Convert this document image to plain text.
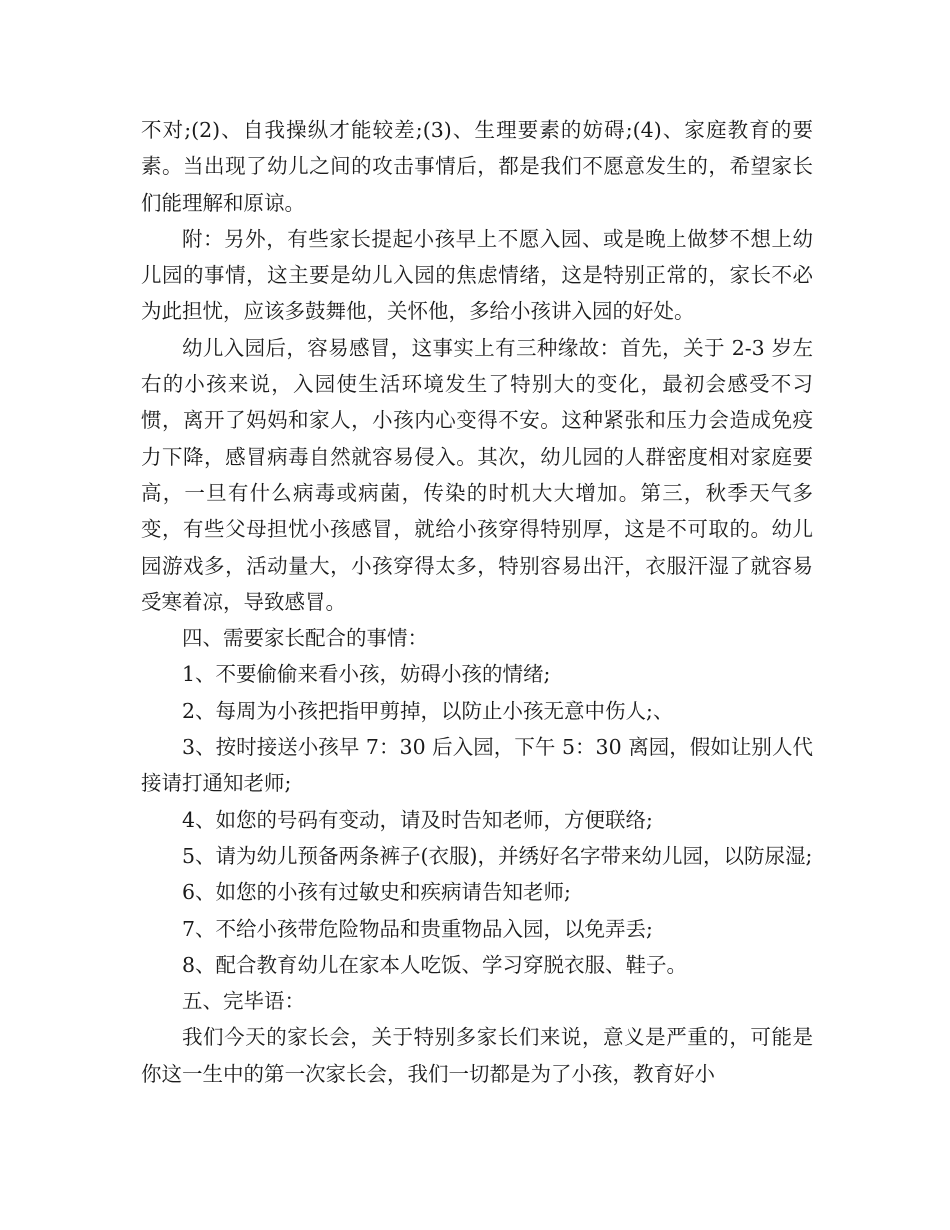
不对;(2)、自我操纵才能较差;(3)、生理要素的妨碍;(4)、家庭教育的要素。当出现了幼儿之间的攻击事情后，都是我们不愿意发生的，希望家长们能理解和原谅。

附：另外，有些家长提起小孩早上不愿入园、或是晚上做梦不想上幼儿园的事情，这主要是幼儿入园的焦虑情绪，这是特别正常的，家长不必为此担忧，应该多鼓舞他，关怀他，多给小孩讲入园的好处。

幼儿入园后，容易感冒，这事实上有三种缘故：首先，关于 2-3 岁左右的小孩来说，入园使生活环境发生了特别大的变化，最初会感受不习惯，离开了妈妈和家人，小孩内心变得不安。这种紧张和压力会造成免疫力下降，感冒病毒自然就容易侵入。其次，幼儿园的人群密度相对家庭要高，一旦有什么病毒或病菌，传染的时机大大增加。第三，秋季天气多变，有些父母担忧小孩感冒，就给小孩穿得特别厚，这是不可取的。幼儿园游戏多，活动量大，小孩穿得太多，特别容易出汗，衣服汗湿了就容易受寒着凉，导致感冒。

四、需要家长配合的事情：

1、不要偷偷来看小孩，妨碍小孩的情绪;

2、每周为小孩把指甲剪掉，以防止小孩无意中伤人;、

3、按时接送小孩早 7：30 后入园，下午 5：30 离园，假如让别人代接请打通知老师;

4、如您的号码有变动，请及时告知老师，方便联络;

5、请为幼儿预备两条裤子(衣服)，并绣好名字带来幼儿园，以防尿湿;

6、如您的小孩有过敏史和疾病请告知老师;

7、不给小孩带危险物品和贵重物品入园，以免弄丢;

8、配合教育幼儿在家本人吃饭、学习穿脱衣服、鞋子。

五、完毕语：

我们今天的家长会，关于特别多家长们来说，意义是严重的，可能是你这一生中的第一次家长会，我们一切都是为了小孩，教育好小
